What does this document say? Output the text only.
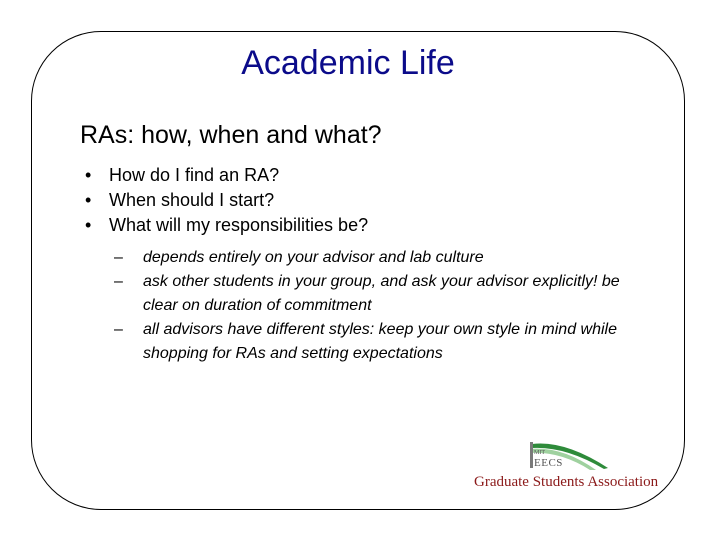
Academic Life
RAs: how, when and what?
• How do I find an RA?
• When should I start?
• What will my responsibilities be?
– depends entirely on your advisor and lab culture
– ask other students in your group, and ask your advisor explicitly! be clear on duration of commitment
– all advisors have different styles: keep your own style in mind while shopping for RAs and setting expectations
MIT
EECS
Graduate Students Association
